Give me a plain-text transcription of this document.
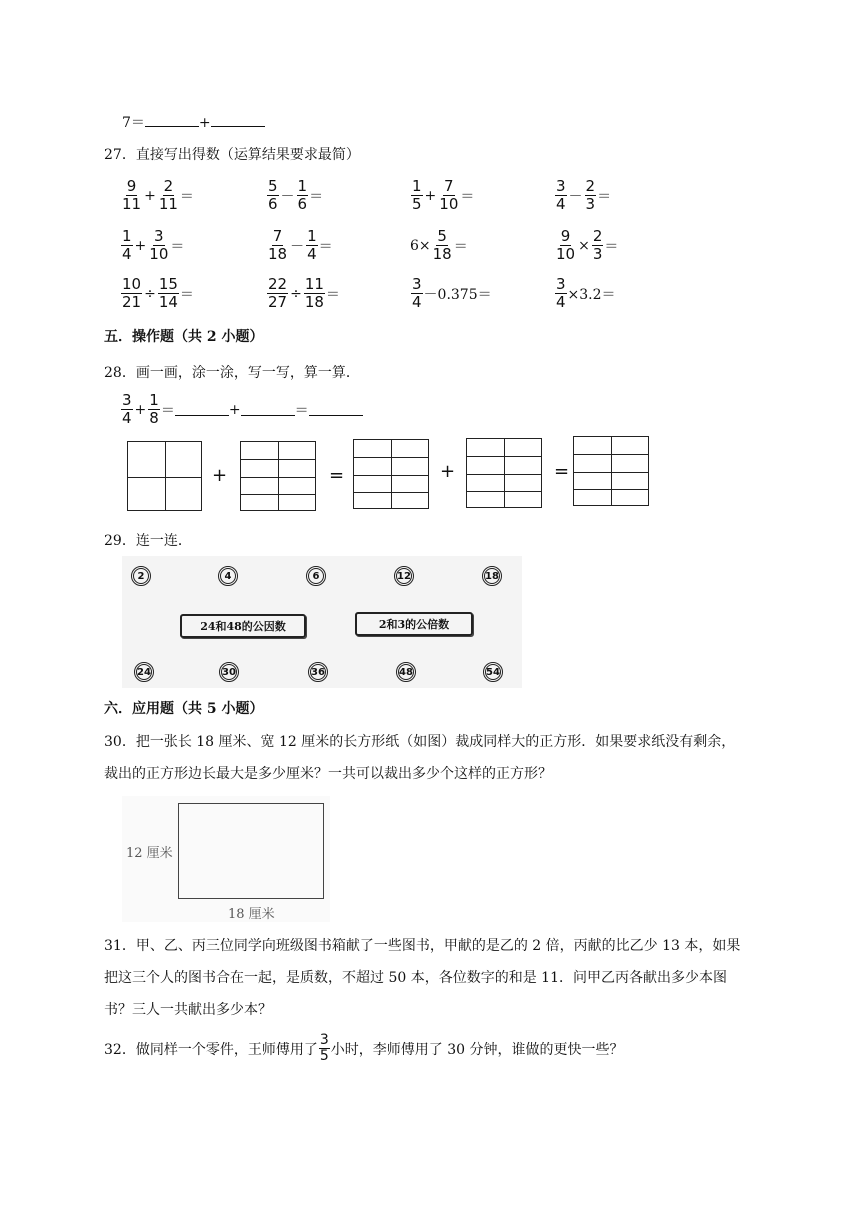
7＝	+
27．直接写出得数（运算结果要求最简）
$\frac{9}{11} + \frac{2}{11}$ ＝	$\frac{5}{6} - \frac{1}{6}$ ＝	$\frac{1}{5} + \frac{7}{10}$ ＝	$\frac{3}{4} - \frac{2}{3}$ ＝
$\frac{1}{4} + \frac{3}{10}$ ＝	$\frac{7}{18} - \frac{1}{4}$ ＝	$6\times \frac{5}{18}$ ＝	$\frac{9}{10} \times \frac{2}{3}$ ＝
$\frac{10}{21} \div \frac{15}{14}$ ＝	$\frac{22}{27} \div \frac{11}{18}$ ＝	$\frac{3}{4} -0.375=$	$\frac{3}{4} \times 3.2=$
五．操作题（共 2 小题）
28．画一画，涂一涂，写一写，算一算．
$\frac{3}{4} + \frac{1}{8}$ ＝	+	＝
+	=	+	=
29．连一连．
2	4	6	12	18
24	30	36	48	54
24和48的公因数	2和3的公倍数
六．应用题（共 5 小题）
30．把一张长 18 厘米、宽 12 厘米的长方形纸（如图）裁成同样大的正方形．如果要求纸没有剩余，裁出的正方形边长最大是多少厘米？一共可以裁出多少个这样的正方形？
12 厘米
18 厘米
31．甲、乙、丙三位同学向班级图书箱献了一些图书，甲献的是乙的 2 倍，丙献的比乙少 13 本，如果把这三个人的图书合在一起，是质数，不超过 50 本，各位数字的和是 11．问甲乙丙各献出多少本图书？三人一共献出多少本？
32．做同样一个零件，王师傅用了 $\frac{3}{5}$ 小时，李师傅用了 30 分钟，谁做的更快一些？
